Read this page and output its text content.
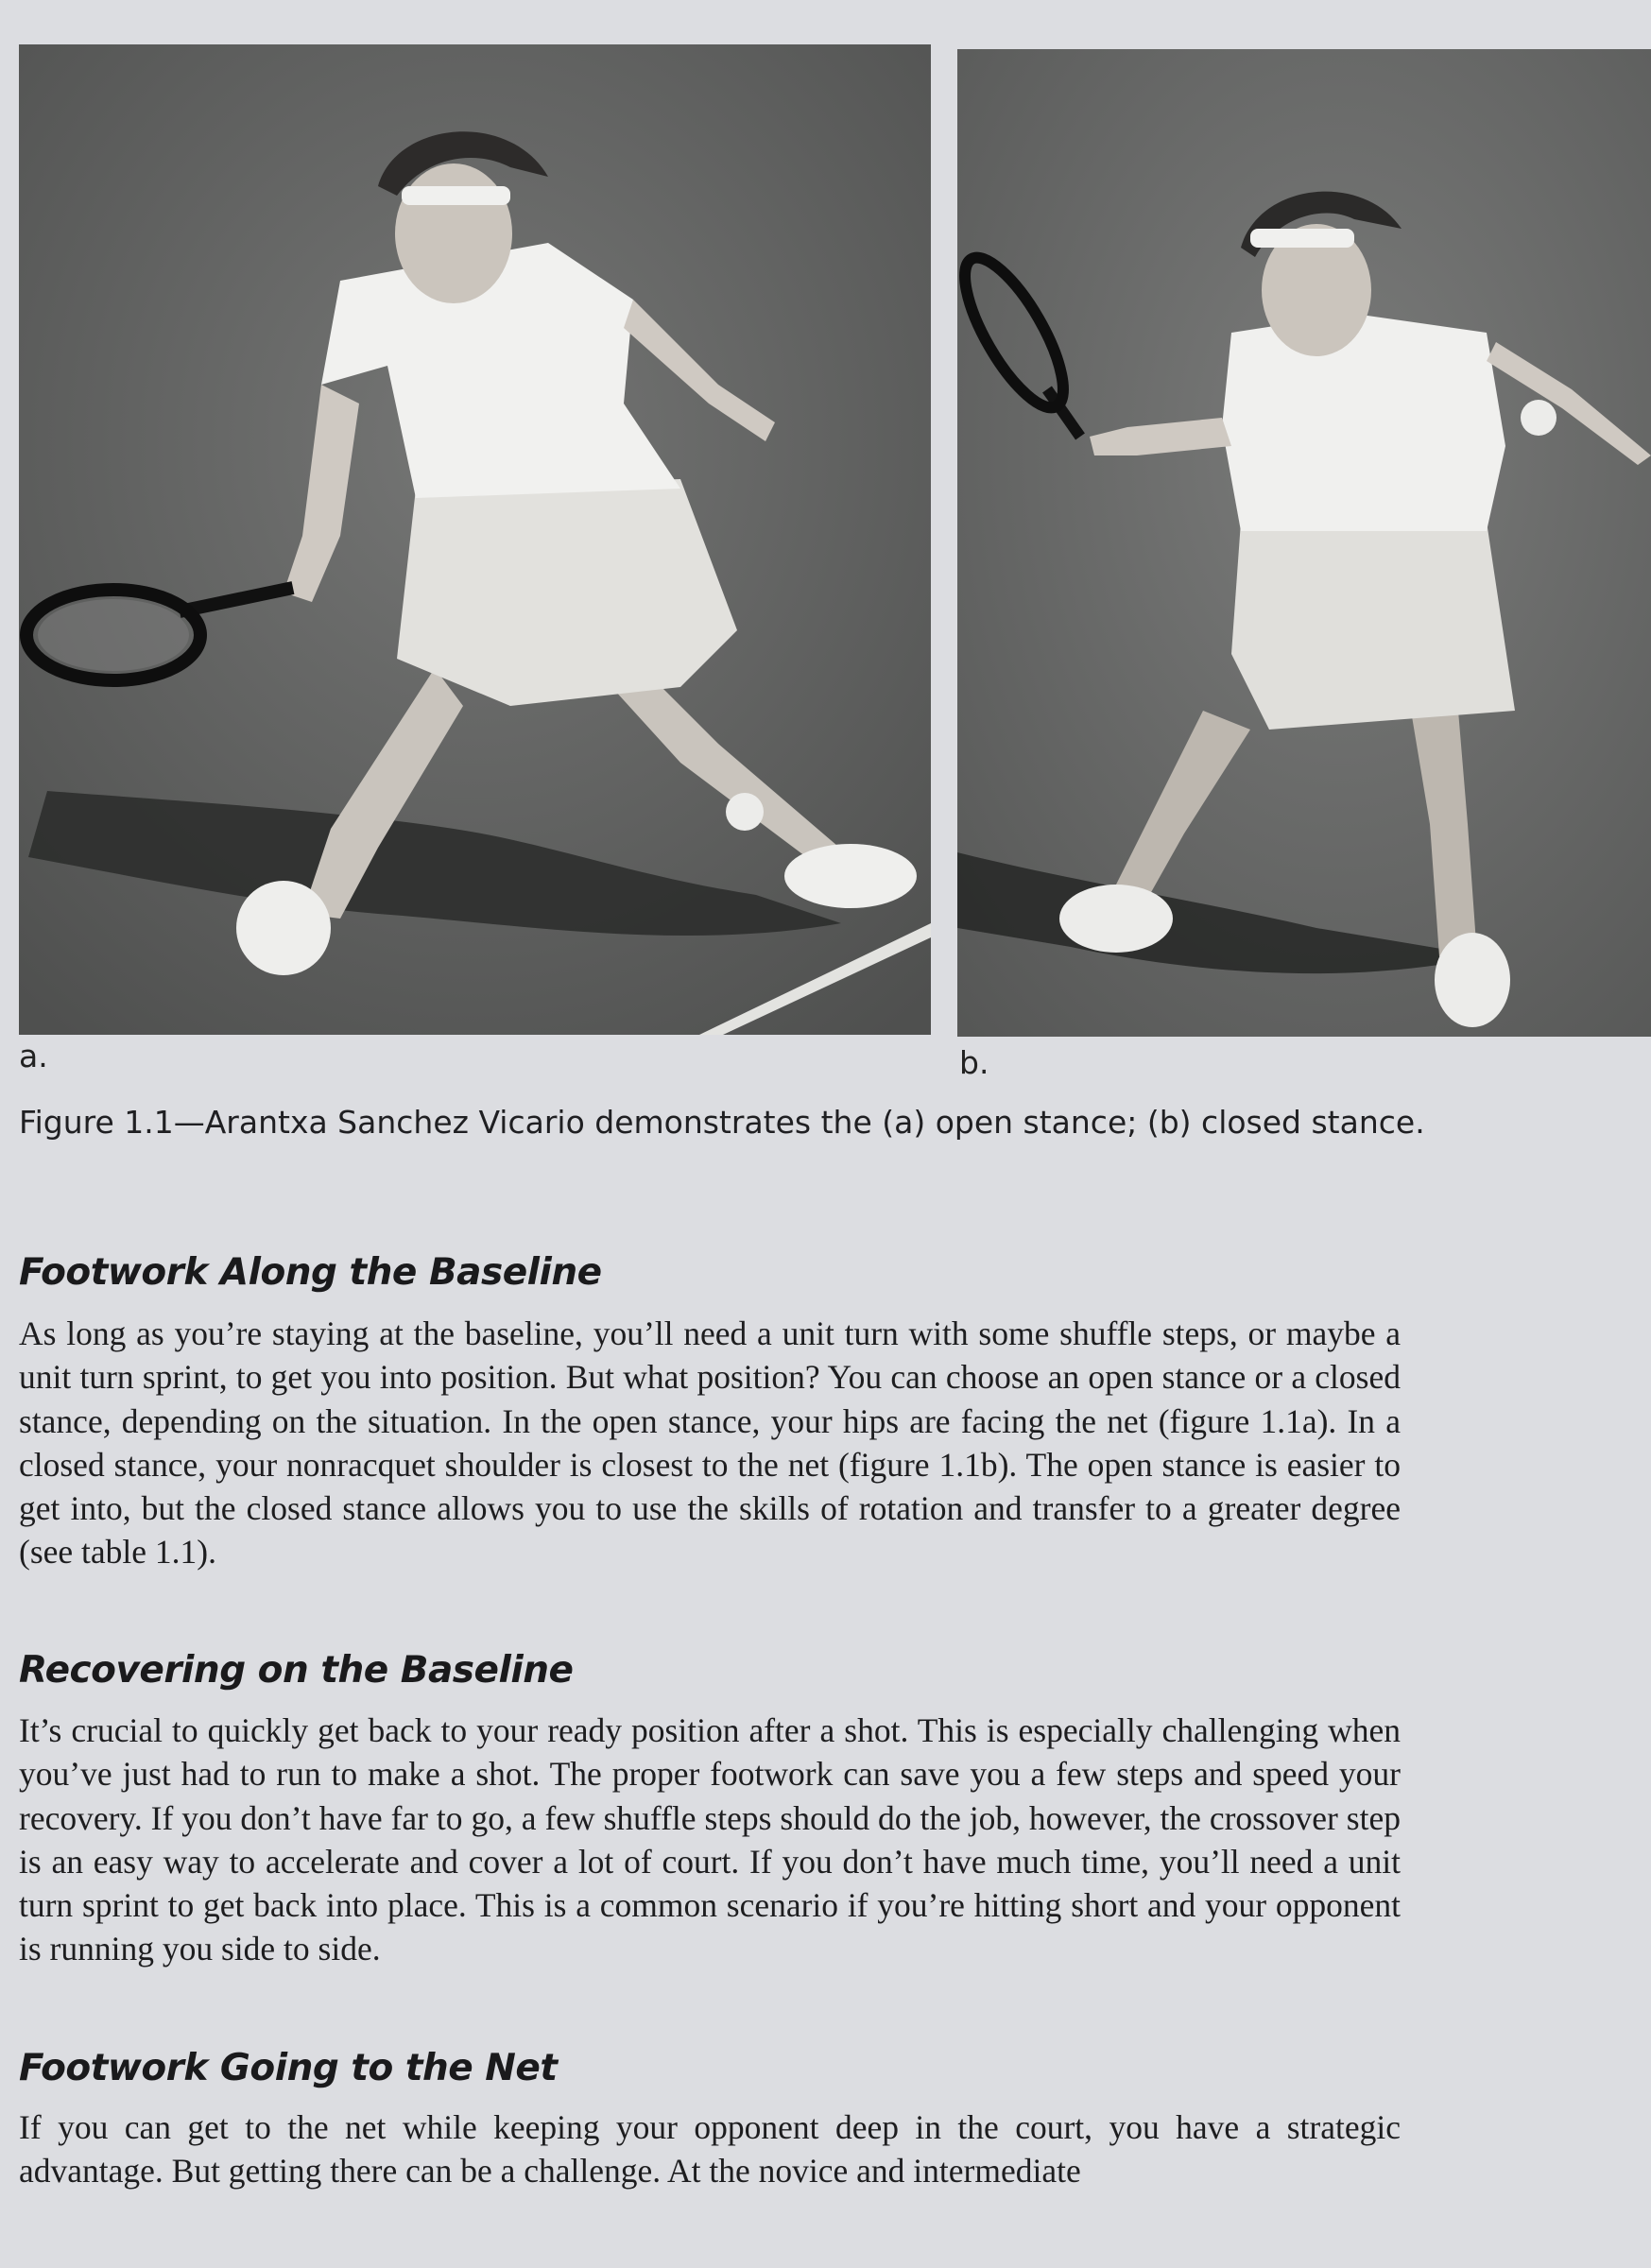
a.	b.
Figure 1.1—Arantxa Sanchez Vicario demonstrates the (a) open stance; (b) closed stance.
Footwork Along the Baseline

As long as you’re staying at the baseline, you’ll need a unit turn with some shuffle steps, or maybe a unit turn sprint, to get you into position. But what position? You can choose an open stance or a closed stance, depending on the situation. In the open stance, your hips are facing the net (figure 1.1a). In a closed stance, your nonracquet shoulder is closest to the net (figure 1.1b). The open stance is easier to get into, but the closed stance allows you to use the skills of rotation and transfer to a greater degree (see table 1.1).

Recovering on the Baseline

It’s crucial to quickly get back to your ready position after a shot. This is especially challenging when you’ve just had to run to make a shot. The proper footwork can save you a few steps and speed your recovery. If you don’t have far to go, a few shuffle steps should do the job, however, the crossover step is an easy way to accelerate and cover a lot of court. If you don’t have much time, you’ll need a unit turn sprint to get back into place. This is a common scenario if you’re hitting short and your opponent is running you side to side.

Footwork Going to the Net

If you can get to the net while keeping your opponent deep in the court, you have a strategic advantage. But getting there can be a challenge. At the novice and intermediate
